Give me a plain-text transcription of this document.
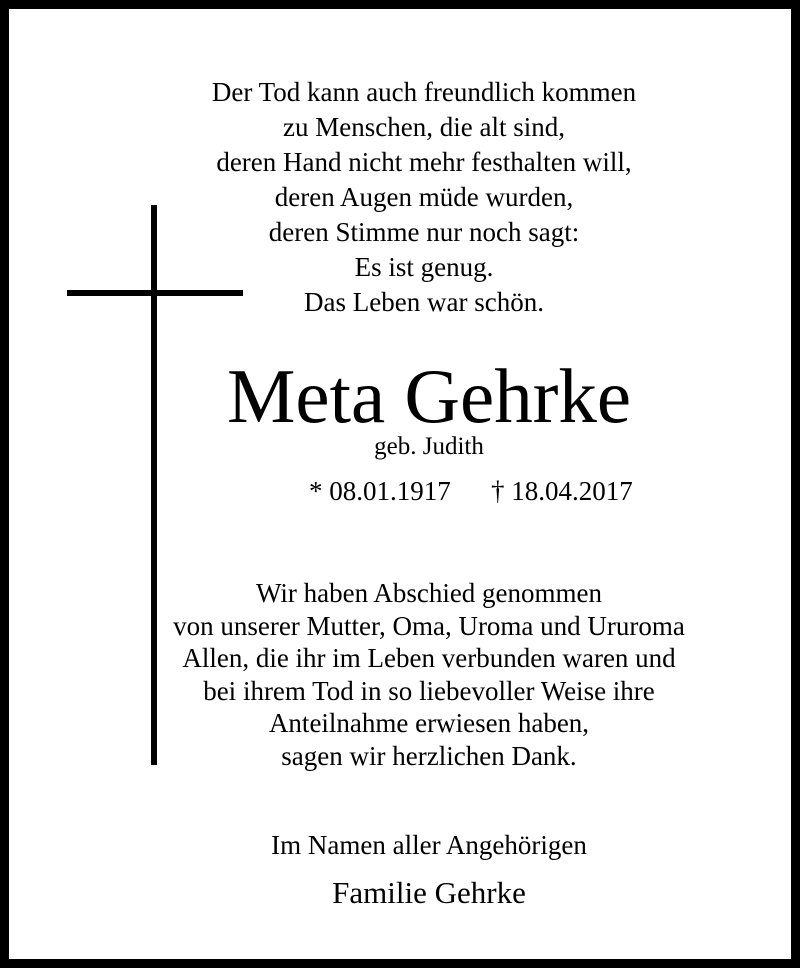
Der Tod kann auch freundlich kommen
zu Menschen, die alt sind,
deren Hand nicht mehr festhalten will,
deren Augen müde wurden,
deren Stimme nur noch sagt:
Es ist genug.
Das Leben war schön.
Meta Gehrke
geb. Judith
* 08.01.1917 † 18.04.2017
Wir haben Abschied genommen
von unserer Mutter, Oma, Uroma und Ururoma
Allen, die ihr im Leben verbunden waren und
bei ihrem Tod in so liebevoller Weise ihre
Anteilnahme erwiesen haben,
sagen wir herzlichen Dank.
Im Namen aller Angehörigen
Familie Gehrke
